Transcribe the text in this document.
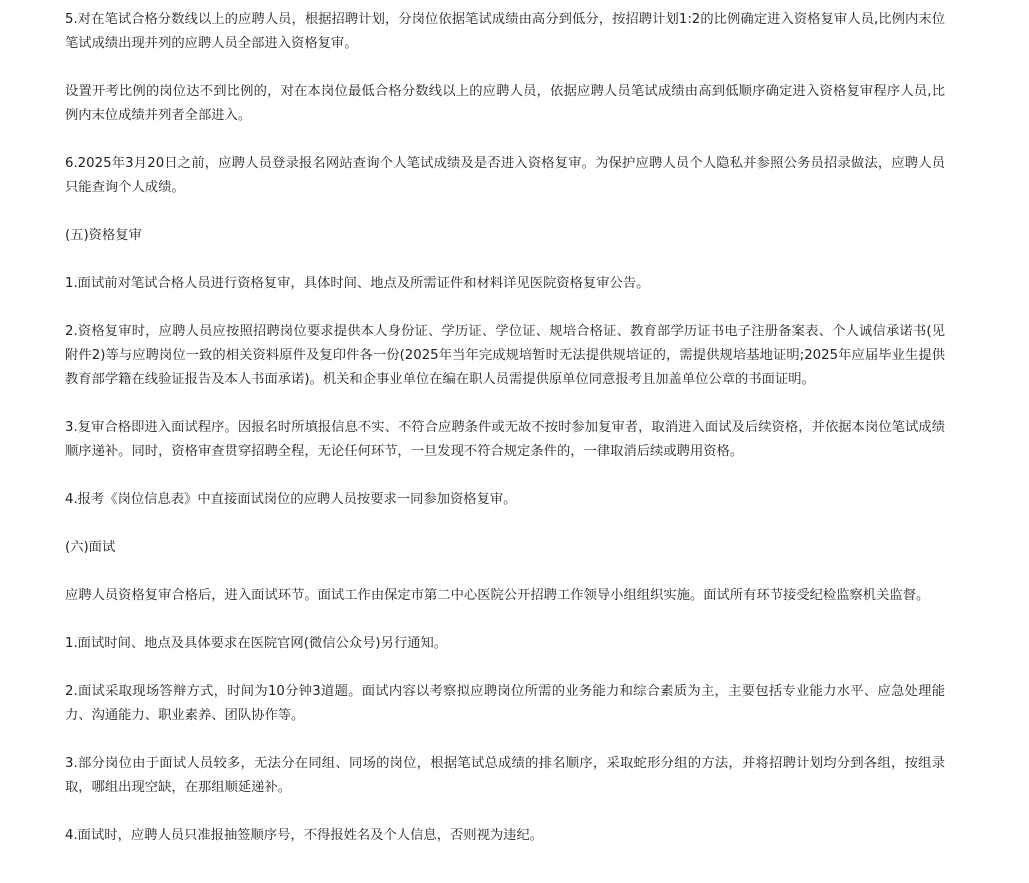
5.对在笔试合格分数线以上的应聘人员，根据招聘计划，分岗位依据笔试成绩由高分到低分，按招聘计划1:2的比例确定进入资格复审人员,比例内末位笔试成绩出现并列的应聘人员全部进入资格复审。

设置开考比例的岗位达不到比例的，对在本岗位最低合格分数线以上的应聘人员，依据应聘人员笔试成绩由高到低顺序确定进入资格复审程序人员,比例内末位成绩并列者全部进入。

6.2025年3月20日之前，应聘人员登录报名网站查询个人笔试成绩及是否进入资格复审。为保护应聘人员个人隐私并参照公务员招录做法，应聘人员只能查询个人成绩。

(五)资格复审

1.面试前对笔试合格人员进行资格复审，具体时间、地点及所需证件和材料详见医院资格复审公告。

2.资格复审时，应聘人员应按照招聘岗位要求提供本人身份证、学历证、学位证、规培合格证、教育部学历证书电子注册备案表、个人诚信承诺书(见附件2)等与应聘岗位一致的相关资料原件及复印件各一份(2025年当年完成规培暂时无法提供规培证的，需提供规培基地证明;2025年应届毕业生提供教育部学籍在线验证报告及本人书面承诺)。机关和企事业单位在编在职人员需提供原单位同意报考且加盖单位公章的书面证明。

3.复审合格即进入面试程序。因报名时所填报信息不实、不符合应聘条件或无故不按时参加复审者，取消进入面试及后续资格，并依据本岗位笔试成绩顺序递补。同时，资格审查贯穿招聘全程，无论任何环节，一旦发现不符合规定条件的，一律取消后续或聘用资格。

4.报考《岗位信息表》中直接面试岗位的应聘人员按要求一同参加资格复审。

(六)面试

应聘人员资格复审合格后，进入面试环节。面试工作由保定市第二中心医院公开招聘工作领导小组组织实施。面试所有环节接受纪检监察机关监督。

1.面试时间、地点及具体要求在医院官网(微信公众号)另行通知。

2.面试采取现场答辩方式，时间为10分钟3道题。面试内容以考察拟应聘岗位所需的业务能力和综合素质为主，主要包括专业能力水平、应急处理能力、沟通能力、职业素养、团队协作等。

3.部分岗位由于面试人员较多，无法分在同组、同场的岗位，根据笔试总成绩的排名顺序，采取蛇形分组的方法，并将招聘计划均分到各组，按组录取，哪组出现空缺，在那组顺延递补。

4.面试时，应聘人员只准报抽签顺序号，不得报姓名及个人信息，否则视为违纪。
